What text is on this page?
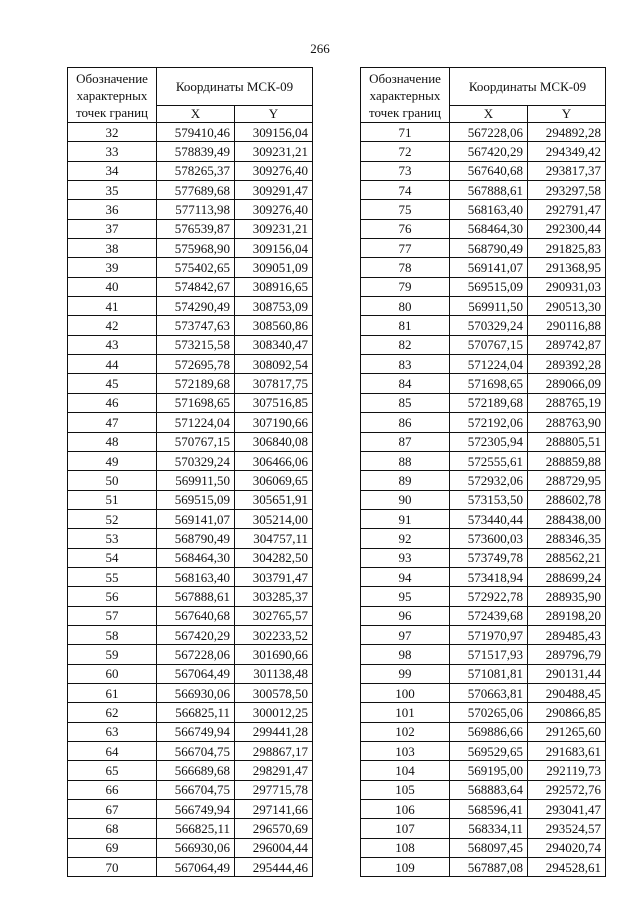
266
Обозначение характерных точек границ	Координаты МСК-09	
	X	Y
32	579410,46	309156,04
33	578839,49	309231,21
34	578265,37	309276,40
35	577689,68	309291,47
36	577113,98	309276,40
37	576539,87	309231,21
38	575968,90	309156,04
39	575402,65	309051,09
40	574842,67	308916,65
41	574290,49	308753,09
42	573747,63	308560,86
43	573215,58	308340,47
44	572695,78	308092,54
45	572189,68	307817,75
46	571698,65	307516,85
47	571224,04	307190,66
48	570767,15	306840,08
49	570329,24	306466,06
50	569911,50	306069,65
51	569515,09	305651,91
52	569141,07	305214,00
53	568790,49	304757,11
54	568464,30	304282,50
55	568163,40	303791,47
56	567888,61	303285,37
57	567640,68	302765,57
58	567420,29	302233,52
59	567228,06	301690,66
60	567064,49	301138,48
61	566930,06	300578,50
62	566825,11	300012,25
63	566749,94	299441,28
64	566704,75	298867,17
65	566689,68	298291,47
66	566704,75	297715,78
67	566749,94	297141,66
68	566825,11	296570,69
69	566930,06	296004,44
70	567064,49	295444,46
Обозначение характерных точек границ	Координаты МСК-09	
	X	Y
71	567228,06	294892,28
72	567420,29	294349,42
73	567640,68	293817,37
74	567888,61	293297,58
75	568163,40	292791,47
76	568464,30	292300,44
77	568790,49	291825,83
78	569141,07	291368,95
79	569515,09	290931,03
80	569911,50	290513,30
81	570329,24	290116,88
82	570767,15	289742,87
83	571224,04	289392,28
84	571698,65	289066,09
85	572189,68	288765,19
86	572192,06	288763,90
87	572305,94	288805,51
88	572555,61	288859,88
89	572932,06	288729,95
90	573153,50	288602,78
91	573440,44	288438,00
92	573600,03	288346,35
93	573749,78	288562,21
94	573418,94	288699,24
95	572922,78	288935,90
96	572439,68	289198,20
97	571970,97	289485,43
98	571517,93	289796,79
99	571081,81	290131,44
100	570663,81	290488,45
101	570265,06	290866,85
102	569886,66	291265,60
103	569529,65	291683,61
104	569195,00	292119,73
105	568883,64	292572,76
106	568596,41	293041,47
107	568334,11	293524,57
108	568097,45	294020,74
109	567887,08	294528,61
